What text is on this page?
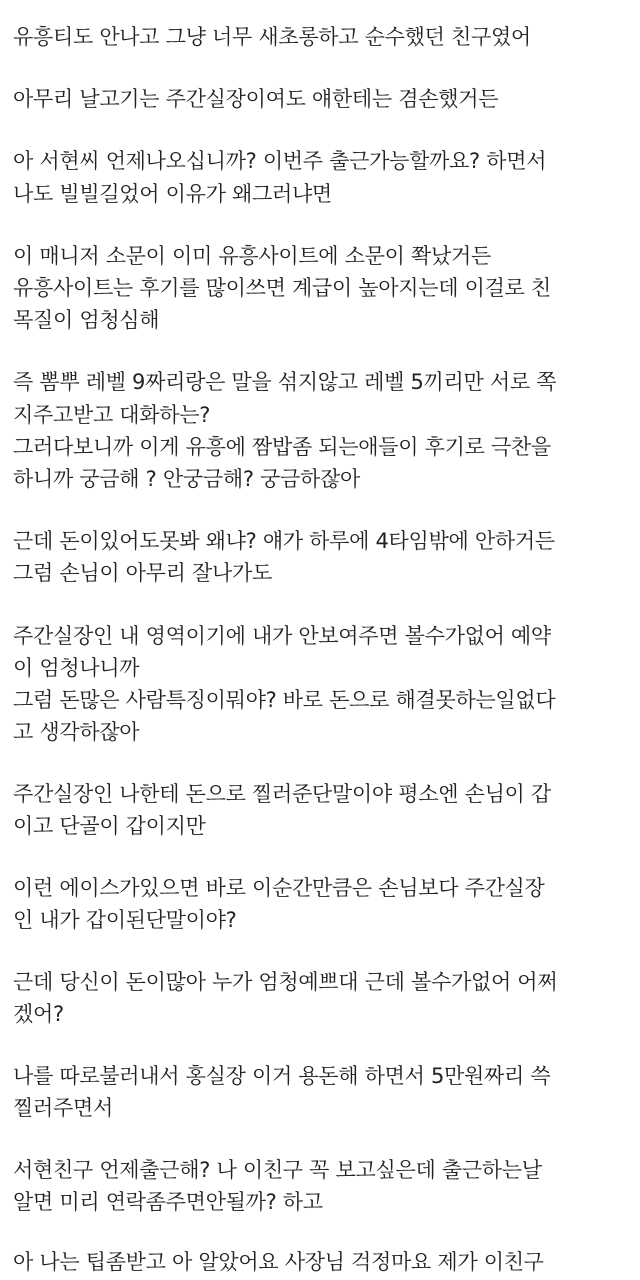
유흥티도 안나고 그냥 너무 새초롱하고 순수했던 친구였어
아무리 날고기는 주간실장이여도 얘한테는 겸손했거든
아 서현씨 언제나오십니까? 이번주 출근가능할까요? 하면서
나도 빌빌길었어 이유가 왜그러냐면
이 매니저 소문이 이미 유흥사이트에 소문이 쫙났거든
유흥사이트는 후기를 많이쓰면 계급이 높아지는데 이걸로 친
목질이 엄청심해
즉 뽐뿌 레벨 9짜리랑은 말을 섞지않고 레벨 5끼리만 서로 쪽
지주고받고 대화하는?
그러다보니까 이게 유흥에 짬밥좀 되는애들이 후기로 극찬을
하니까 궁금해 ? 안궁금해? 궁금하잖아
근데 돈이있어도못봐 왜냐? 얘가 하루에 4타임밖에 안하거든
그럼 손님이 아무리 잘나가도
주간실장인 내 영역이기에 내가 안보여주면 볼수가없어 예약
이 엄청나니까
그럼 돈많은 사람특징이뭐야? 바로 돈으로 해결못하는일없다
고 생각하잖아
주간실장인 나한테 돈으로 찔러준단말이야 평소엔 손님이 갑
이고 단골이 갑이지만
이런 에이스가있으면 바로 이순간만큼은 손님보다 주간실장
인 내가 갑이된단말이야?
근데 당신이 돈이많아 누가 엄청예쁘대 근데 볼수가없어 어쩌
겠어?
나를 따로불러내서 홍실장 이거 용돈해 하면서 5만원짜리 쓱
찔러주면서
서현친구 언제출근해? 나 이친구 꼭 보고싶은데 출근하는날
알면 미리 연락좀주면안될까? 하고
아 나는 팁좀받고 아 알았어요 사장님 걱정마요 제가 이친구
